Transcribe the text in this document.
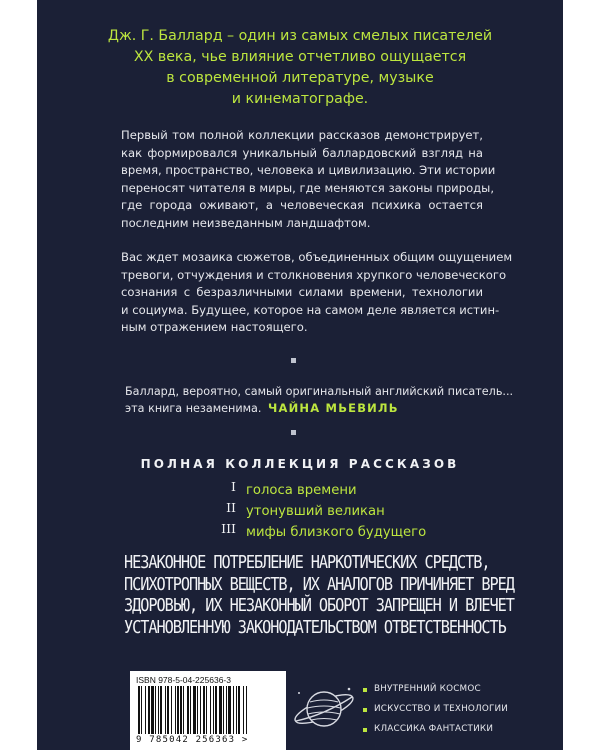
Дж. Г. Баллард – один из самых смелых писателей
XX века, чье влияние отчетливо ощущается
в современной литературе, музыке
и кинематографе.
Первый том полной коллекции рассказов демонстрирует,
как формировался уникальный баллардовский взгляд на
время, пространство, человека и цивилизацию. Эти истории
переносят читателя в миры, где меняются законы природы,
где города оживают, а человеческая психика остается
последним неизведанным ландшафтом.
Вас ждет мозаика сюжетов, объединенных общим ощущением
тревоги, отчуждения и столкновения хрупкого человеческого
сознания с безразличными силами времени, технологии
и социума. Будущее, которое на самом деле является истин-
ным отражением настоящего.
Баллард, вероятно, самый оригинальный английский писатель...
эта книга незаменима. ЧАЙНА МЬЕВИЛЬ
ПОЛНАЯ КОЛЛЕКЦИЯ РАССКАЗОВ
I голоса времени
II утонувший великан
III мифы близкого будущего
НЕЗАКОННОЕ ПОТРЕБЛЕНИЕ НАРКОТИЧЕСКИХ СРЕДСТВ,
ПСИХОТРОПНЫХ ВЕЩЕСТВ, ИХ АНАЛОГОВ ПРИЧИНЯЕТ ВРЕД
ЗДОРОВЬЮ, ИХ НЕЗАКОННЫЙ ОБОРОТ ЗАПРЕЩЕН И ВЛЕЧЕТ
УСТАНОВЛЕННУЮ ЗАКОНОДАТЕЛЬСТВОМ ОТВЕТСТВЕННОСТЬ
ISBN 978-5-04-225636-3
9 785042 256363 >
ВНУТРЕННИЙ КОСМОС
ИСКУССТВО И ТЕХНОЛОГИИ
КЛАССИКА ФАНТАСТИКИ
